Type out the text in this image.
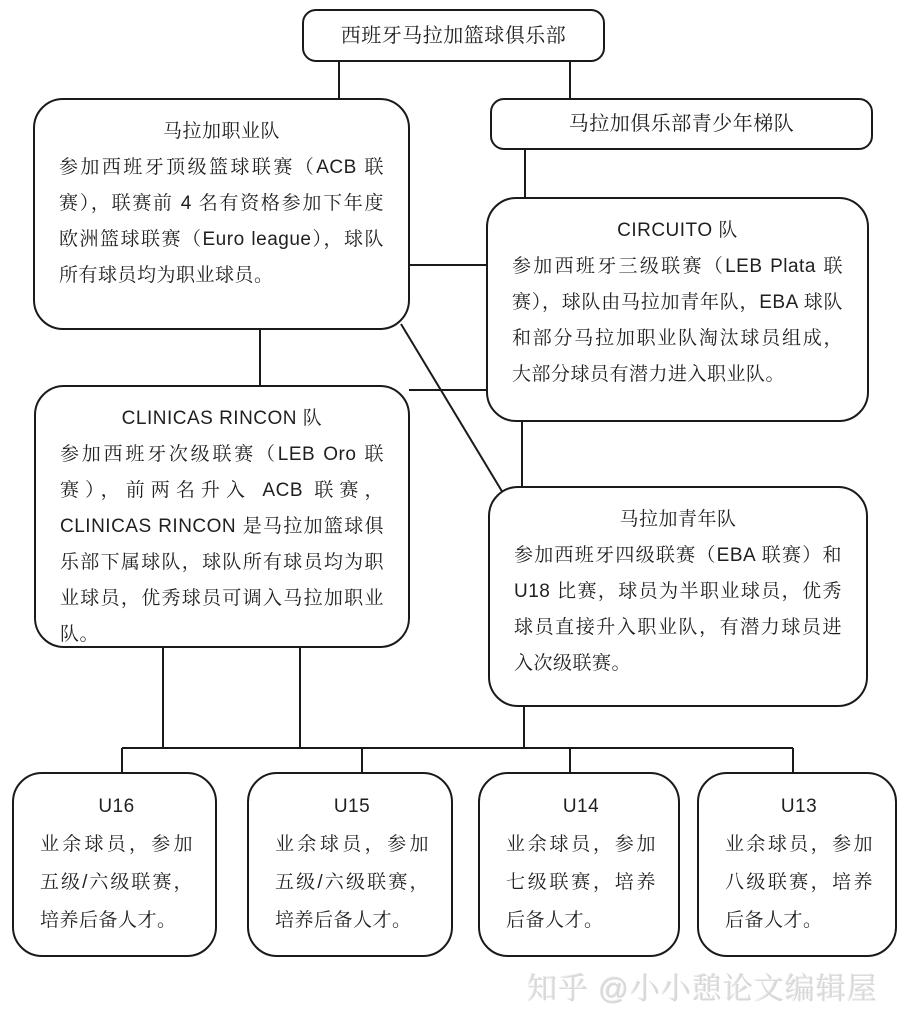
西班牙马拉加篮球俱乐部
马拉加职业队
参加西班牙顶级篮球联赛（ACB 联赛），联赛前 4 名有资格参加下年度欧洲篮球联赛（Euro league），球队所有球员均为职业球员。
马拉加俱乐部青少年梯队
CIRCUITO 队
参加西班牙三级联赛（LEB Plata 联赛），球队由马拉加青年队，EBA 球队和部分马拉加职业队淘汰球员组成，大部分球员有潜力进入职业队。
CLINICAS RINCON 队
参加西班牙次级联赛（LEB Oro 联赛），前两名升入 ACB 联赛，CLINICAS RINCON 是马拉加篮球俱乐部下属球队，球队所有球员均为职业球员，优秀球员可调入马拉加职业队。
马拉加青年队
参加西班牙四级联赛（EBA 联赛）和 U18 比赛，球员为半职业球员，优秀球员直接升入职业队，有潜力球员进入次级联赛。
U16
业余球员，参加五级/六级联赛，培养后备人才。
U15
业余球员，参加五级/六级联赛，培养后备人才。
U14
业余球员，参加七级联赛，培养后备人才。
U13
业余球员，参加八级联赛，培养后备人才。
知乎 @小小憩论文编辑屋
